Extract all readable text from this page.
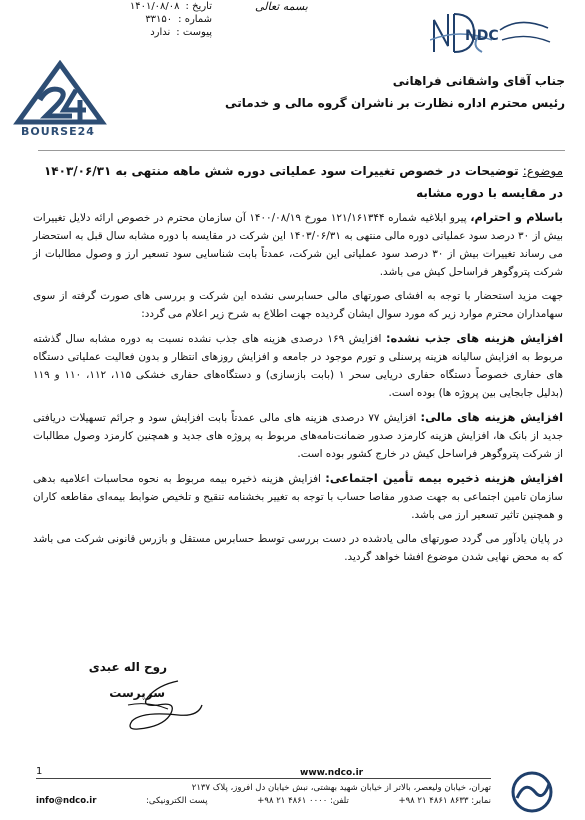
تاریخ :
۱۴۰۱/۰۸/۰۸
شماره :
۳۳۱۵۰
پیوست :
ندارد
بسمه تعالی
NDC
BOURSE24
جناب آقای واشقانی فراهانی
رئیس محترم اداره نظارت بر ناشران گروه مالی و خدماتی
موضوع: توضیحات در خصوص تغییرات سود عملیاتی دوره شش ماهه منتهی به ۱۴۰۳/۰۶/۳۱ در مقایسه با دوره مشابه

باسلام و احترام، پیرو ابلاغیه شماره ۱۲۱/۱۶۱۳۴۴ مورخ ۱۴۰۰/۰۸/۱۹ آن سازمان محترم در خصوص ارائه دلایل تغییرات بیش از ۳۰ درصد سود عملیاتی دوره مالی منتهی به ۱۴۰۳/۰۶/۳۱ این شرکت در مقایسه با دوره مشابه سال قبل به استحضار می رساند تغییرات بیش از ۳۰ درصد سود عملیاتی این شرکت، عمدتاً بابت شناسایی سود تسعیر ارز و وصول مطالبات از شرکت پتروگوهر فراساحل کیش می باشد.

جهت مزید استحضار با توجه به افشای صورتهای مالی حسابرسی نشده این شرکت و بررسی های صورت گرفته از سوی سهامداران محترم موارد زیر که مورد سوال ایشان گردیده جهت اطلاع به شرح زیر اعلام می گردد:

افزایش هزینه های جذب نشده: افزایش ۱۶۹ درصدی هزینه های جذب نشده نسبت به دوره مشابه سال گذشته مربوط به افزایش سالیانه هزینه پرسنلی و تورم موجود در جامعه و افزایش روزهای انتظار و بدون فعالیت عملیاتی دستگاه های حفاری خصوصاً دستگاه حفاری دریایی سحر ۱ (بابت بازسازی) و دستگاه‌های حفاری خشکی ۱۱۵، ۱۱۲، ۱۱۰ و ۱۱۹ (بدلیل جابجایی بین پروژه ها) بوده است.

افزایش هزینه های مالی: افزایش ۷۷ درصدی هزینه های مالی عمدتاً بابت افزایش سود و جرائم تسهیلات دریافتی جدید از بانک ها، افزایش هزینه کارمزد صدور ضمانت‌نامه‌های مربوط به پروژه های جدید و همچنین کارمزد وصول مطالبات از شرکت پتروگوهر فراساحل کیش در خارج کشور بوده است.

افزایش هزینه ذخیره بیمه تأمین اجتماعی: افزایش هزینه ذخیره بیمه مربوط به نحوه محاسبات اعلامیه بدهی سازمان تامین اجتماعی به جهت صدور مفاصا حساب با توجه به تغییر بخشنامه تنقیح و تلخیص ضوابط بیمه‌ای مقاطعه کاران و همچنین تاثیر تسعیر ارز می باشد.

در پایان یادآور می گردد صورتهای مالی یادشده در دست بررسی توسط حسابرس مستقل و بازرس قانونی شرکت می باشد که به محض نهایی شدن موضوع افشا خواهد گردید.

روح اله عبدی
سرپرست
1	www.ndco.ir
تهران، خیابان ولیعصر، بالاتر از خیابان شهید بهشتی، نبش خیابان دل افروز، پلاک ۲۱۳۷
نمابر: ۸۶۳۳ ۴۸۶۱ ۲۱ ۹۸+
تلفن: ۰۰۰۰ ۴۸۶۱ ۲۱ ۹۸+
پست الکترونیکی:
info@ndco.ir
